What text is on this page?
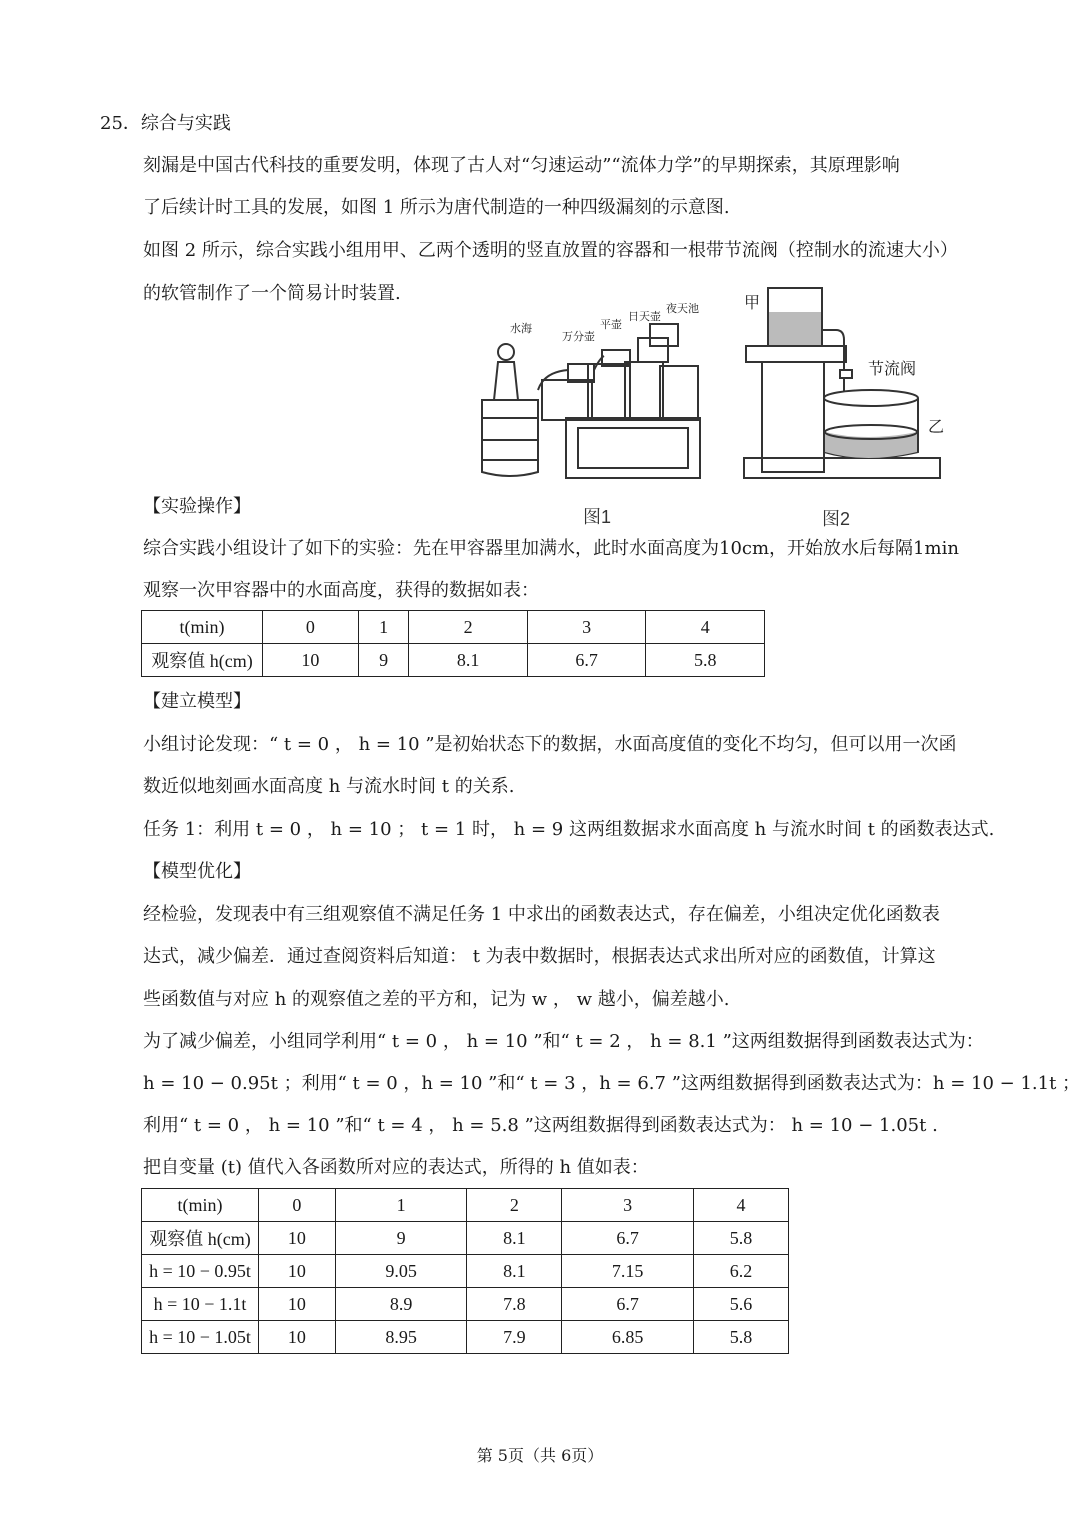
25．综合与实践
刻漏是中国古代科技的重要发明，体现了古人对“匀速运动”“流体力学”的早期探索，其原理影响
了后续计时工具的发展，如图 1 所示为唐代制造的一种四级漏刻的示意图.
如图 2 所示，综合实践小组用甲、乙两个透明的竖直放置的容器和一根带节流阀（控制水的流速大小）
的软管制作了一个简易计时装置.
水海
万分壶
平壶
日天壶
夜天池
图1
甲
节流阀
乙
图2
【实验操作】
综合实践小组设计了如下的实验：先在甲容器里加满水，此时水面高度为10cm，开始放水后每隔1min
观察一次甲容器中的水面高度，获得的数据如表：
t(min)	0	1	2	3	4
观察值 h(cm)	10	9	8.1	6.7	5.8
【建立模型】
小组讨论发现：“ t = 0 ， h = 10 ”是初始状态下的数据，水面高度值的变化不均匀，但可以用一次函
数近似地刻画水面高度 h 与流水时间 t 的关系.
任务 1：利用 t = 0 ， h = 10 ； t = 1 时， h = 9 这两组数据求水面高度 h 与流水时间 t 的函数表达式.
【模型优化】
经检验，发现表中有三组观察值不满足任务 1 中求出的函数表达式，存在偏差，小组决定优化函数表
达式，减少偏差．通过查阅资料后知道： t 为表中数据时，根据表达式求出所对应的函数值，计算这
些函数值与对应 h 的观察值之差的平方和，记为 w ， w 越小，偏差越小.
为了减少偏差，小组同学利用“ t = 0 ， h = 10 ”和“ t = 2 ， h = 8.1 ”这两组数据得到函数表达式为：
h = 10 − 0.95t ；利用“ t = 0 ，h = 10 ”和“ t = 3 ，h = 6.7 ”这两组数据得到函数表达式为：h = 10 − 1.1t ；
利用“ t = 0 ， h = 10 ”和“ t = 4 ， h = 5.8 ”这两组数据得到函数表达式为： h = 10 − 1.05t .
把自变量 (t) 值代入各函数所对应的表达式，所得的 h 值如表：
t(min)	0	1	2	3	4
观察值 h(cm)	10	9	8.1	6.7	5.8
h = 10 − 0.95t	10	9.05	8.1	7.15	6.2
h = 10 − 1.1t	10	8.9	7.8	6.7	5.6
h = 10 − 1.05t	10	8.95	7.9	6.85	5.8
第 5页（共 6页）
